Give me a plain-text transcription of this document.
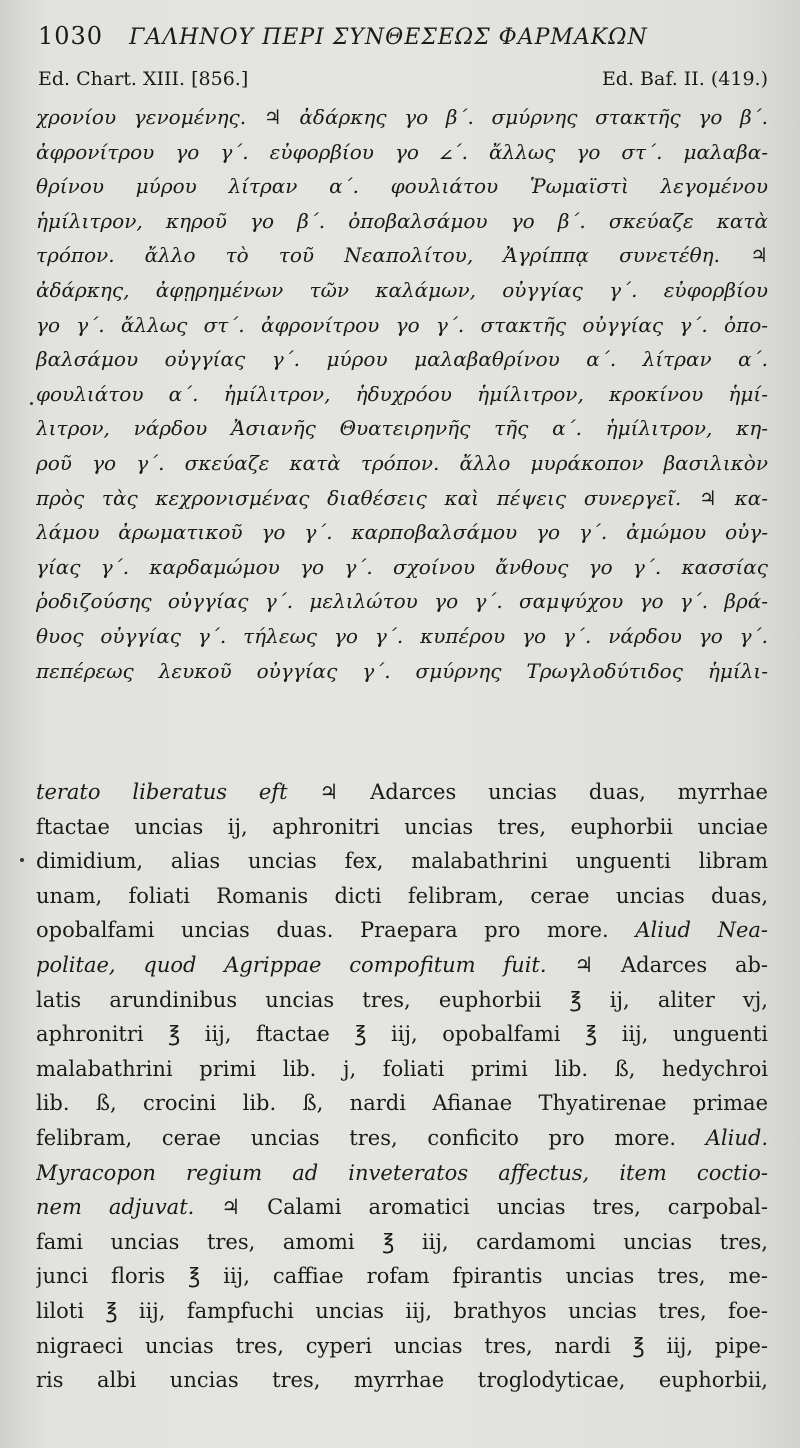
1030 ΓΑΛΗΝΟΥ ΠΕΡΙ ΣΥΝΘΕΣΕΩΣ ΦΑΡΜΑΚΩΝ
Ed. Chart. XIII. [856.]	Ed. Baf. II. (419.)
χρονίου γενομένης. ♃ ἀδάρκης γο β΄. σμύρνης στακτῆς γο β΄.
ἀφρονίτρου γο γ΄. εὐφορβίου γο 𐅵΄. ἄλλως γο στ΄. μαλαβα-
θρίνου μύρου λίτραν α΄. φουλιάτου Ῥωμαϊστὶ λεγομένου
ἡμίλιτρον, κηροῦ γο β΄. ὀποβαλσάμου γο β΄. σκεύαζε κατὰ
τρόπον. ἄλλο τὸ τοῦ Νεαπολίτου, Ἀγρίππᾳ συνετέθη. ♃
ἀδάρκης, ἀφῃρημένων τῶν καλάμων, οὐγγίας γ΄. εὐφορβίου
γο γ΄. ἄλλως στ΄. ἀφρονίτρου γο γ΄. στακτῆς οὐγγίας γ΄. ὀπο-
βαλσάμου οὐγγίας γ΄. μύρου μαλαβαθρίνου α΄. λίτραν α΄.
φουλιάτου α΄. ἡμίλιτρον, ἡδυχρόου ἡμίλιτρον, κροκίνου ἡμί-
λιτρον, νάρδου Ἀσιανῆς Θυατειρηνῆς τῆς α΄. ἡμίλιτρον, κη-
ροῦ γο γ΄. σκεύαζε κατὰ τρόπον. ἄλλο μυράκοπον βασιλικὸν
πρὸς τὰς κεχρονισμένας διαθέσεις καὶ πέψεις συνεργεῖ. ♃ κα-
λάμου ἀρωματικοῦ γο γ΄. καρποβαλσάμου γο γ΄. ἀμώμου οὐγ-
γίας γ΄. καρδαμώμου γο γ΄. σχοίνου ἄνθους γο γ΄. κασσίας
ῥοδιζούσης οὐγγίας γ΄. μελιλώτου γο γ΄. σαμψύχου γο γ΄. βρά-
θυος οὐγγίας γ΄. τήλεως γο γ΄. κυπέρου γο γ΄. νάρδου γο γ΄.
πεπέρεως λευκοῦ οὐγγίας γ΄. σμύρνης Τρωγλοδύτιδος ἡμίλι-
terato liberatus eft ♃ Adarces uncias duas, myrrhae
ftactae uncias ij, aphronitri uncias tres, euphorbii unciae
dimidium, alias uncias fex, malabathrini unguenti libram
unam, foliati Romanis dicti felibram, cerae uncias duas,
opobalfami uncias duas. Praepara pro more. Aliud Nea-
politae, quod Agrippae compofitum fuit. ♃ Adarces ab-
latis arundinibus uncias tres, euphorbii ℥ ij, aliter vj,
aphronitri ℥ iij, ftactae ℥ iij, opobalfami ℥ iij, unguenti
malabathrini primi lib. j, foliati primi lib. ß, hedychroi
lib. ß, crocini lib. ß, nardi Afianae Thyatirenae primae
felibram, cerae uncias tres, conficito pro more. Aliud.
Myracopon regium ad inveteratos affectus, item coctio-
nem adjuvat. ♃ Calami aromatici uncias tres, carpobal-
fami uncias tres, amomi ℥ iij, cardamomi uncias tres,
junci floris ℥ iij, caffiae rofam fpirantis uncias tres, me-
liloti ℥ iij, fampfuchi uncias iij, brathyos uncias tres, foe-
nigraeci uncias tres, cyperi uncias tres, nardi ℥ iij, pipe-
ris albi uncias tres, myrrhae troglodyticae, euphorbii,
